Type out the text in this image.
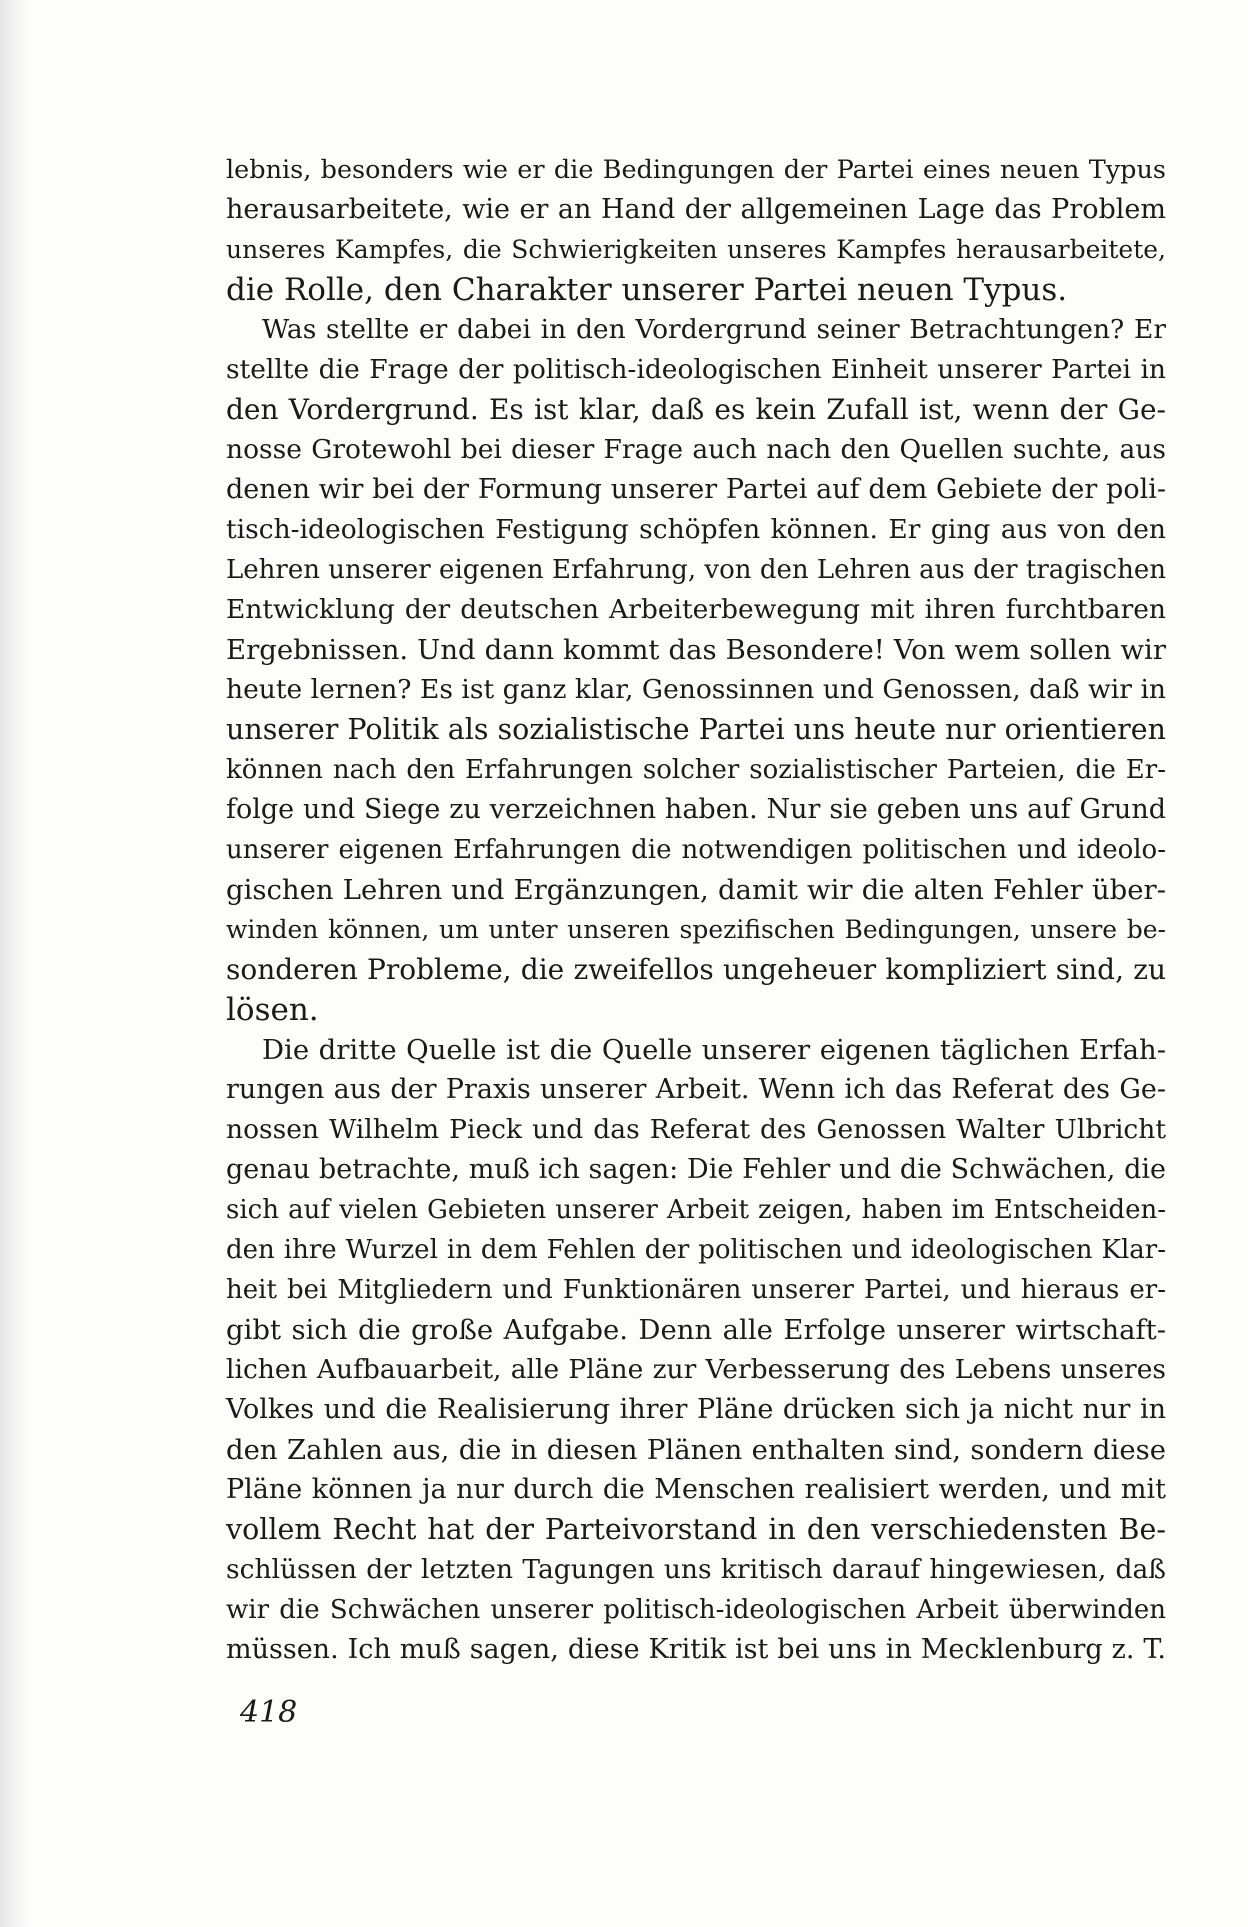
lebnis, besonders wie er die Bedingungen der Partei eines neuen Typus
herausarbeitete, wie er an Hand der allgemeinen Lage das Problem
unseres Kampfes, die Schwierigkeiten unseres Kampfes herausarbeitete,
die Rolle, den Charakter unserer Partei neuen Typus.
Was stellte er dabei in den Vordergrund seiner Betrachtungen? Er
stellte die Frage der politisch-ideologischen Einheit unserer Partei in
den Vordergrund. Es ist klar, daß es kein Zufall ist, wenn der Ge-
nosse Grotewohl bei dieser Frage auch nach den Quellen suchte, aus
denen wir bei der Formung unserer Partei auf dem Gebiete der poli-
tisch-ideologischen Festigung schöpfen können. Er ging aus von den
Lehren unserer eigenen Erfahrung, von den Lehren aus der tragischen
Entwicklung der deutschen Arbeiterbewegung mit ihren furchtbaren
Ergebnissen. Und dann kommt das Besondere! Von wem sollen wir
heute lernen? Es ist ganz klar, Genossinnen und Genossen, daß wir in
unserer Politik als sozialistische Partei uns heute nur orientieren
können nach den Erfahrungen solcher sozialistischer Parteien, die Er-
folge und Siege zu verzeichnen haben. Nur sie geben uns auf Grund
unserer eigenen Erfahrungen die notwendigen politischen und ideolo-
gischen Lehren und Ergänzungen, damit wir die alten Fehler über-
winden können, um unter unseren spezifischen Bedingungen, unsere be-
sonderen Probleme, die zweifellos ungeheuer kompliziert sind, zu
lösen.
Die dritte Quelle ist die Quelle unserer eigenen täglichen Erfah-
rungen aus der Praxis unserer Arbeit. Wenn ich das Referat des Ge-
nossen Wilhelm Pieck und das Referat des Genossen Walter Ulbricht
genau betrachte, muß ich sagen: Die Fehler und die Schwächen, die
sich auf vielen Gebieten unserer Arbeit zeigen, haben im Entscheiden-
den ihre Wurzel in dem Fehlen der politischen und ideologischen Klar-
heit bei Mitgliedern und Funktionären unserer Partei, und hieraus er-
gibt sich die große Aufgabe. Denn alle Erfolge unserer wirtschaft-
lichen Aufbauarbeit, alle Pläne zur Verbesserung des Lebens unseres
Volkes und die Realisierung ihrer Pläne drücken sich ja nicht nur in
den Zahlen aus, die in diesen Plänen enthalten sind, sondern diese
Pläne können ja nur durch die Menschen realisiert werden, und mit
vollem Recht hat der Parteivorstand in den verschiedensten Be-
schlüssen der letzten Tagungen uns kritisch darauf hingewiesen, daß
wir die Schwächen unserer politisch-ideologischen Arbeit überwinden
müssen. Ich muß sagen, diese Kritik ist bei uns in Mecklenburg z. T.
418
